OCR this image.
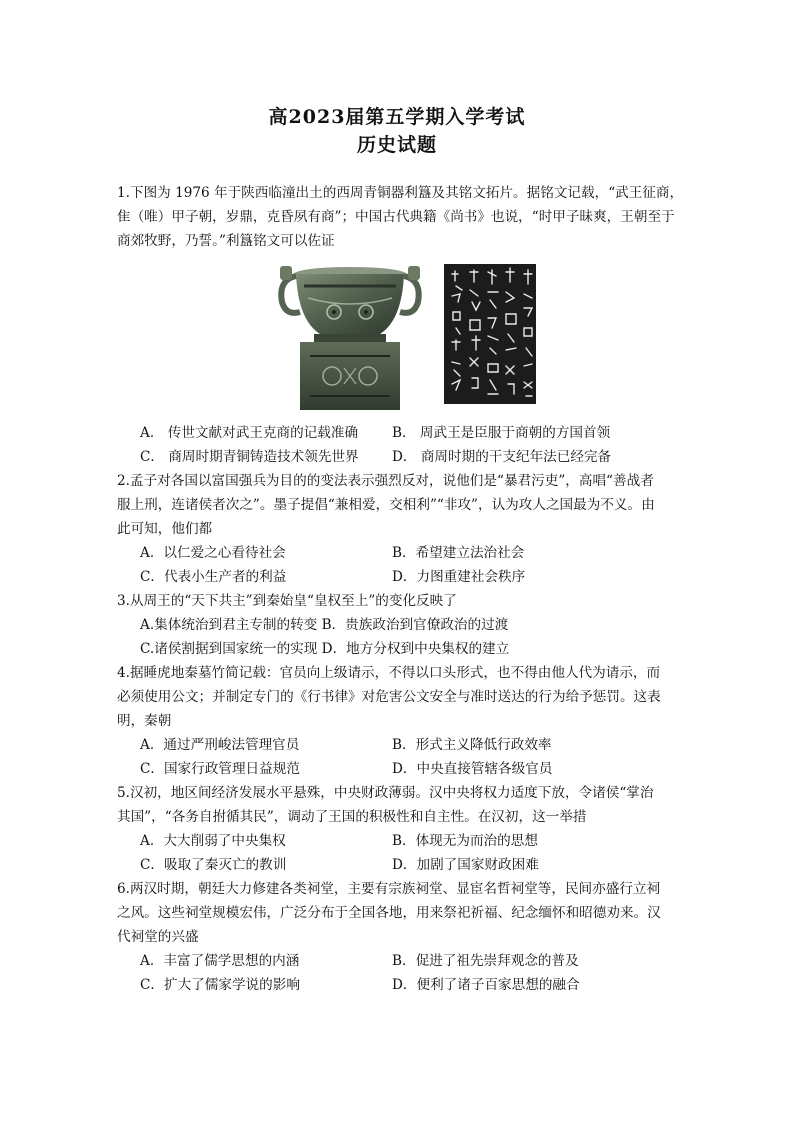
高2023届第五学期入学考试
历史试题
1.下图为 1976 年于陕西临潼出土的西周青铜器利簋及其铭文拓片。据铭文记载，“武王征商，
隹（唯）甲子朝，岁鼎，克昏夙有商”；中国古代典籍《尚书》也说，“时甲子昧爽，王朝至于
商郊牧野，乃誓。”利簋铭文可以佐证
A． 传世文献对武王克商的记载准确 B． 周武王是臣服于商朝的方国首领
C． 商周时期青铜铸造技术领先世界 D． 商周时期的干支纪年法已经完备
2.孟子对各国以富国强兵为目的的变法表示强烈反对，说他们是“暴君污吏”，高唱“善战者
服上刑，连诸侯者次之”。墨子提倡“兼相爱，交相利”“非攻”，认为攻人之国最为不义。由
此可知，他们都
A．以仁爱之心看待社会	B．希望建立法治社会
C．代表小生产者的利益	D．力图重建社会秩序
3.从周王的“天下共主”到秦始皇“皇权至上”的变化反映了
A.集体统治到君主专制的转变 B．贵族政治到官僚政治的过渡
C.诸侯割据到国家统一的实现 D．地方分权到中央集权的建立
4.据睡虎地秦墓竹简记载：官员向上级请示，不得以口头形式，也不得由他人代为请示，而
必须使用公文；并制定专门的《行书律》对危害公文安全与准时送达的行为给予惩罚。这表
明，秦朝
A．通过严刑峻法管理官员	B．形式主义降低行政效率
C．国家行政管理日益规范	D．中央直接管辖各级官员
5.汉初，地区间经济发展水平悬殊，中央财政薄弱。汉中央将权力适度下放，令诸侯“掌治
其国”，“各务自拊循其民”，调动了王国的积极性和自主性。在汉初，这一举措
A．大大削弱了中央集权	B．体现无为而治的思想
C．吸取了秦灭亡的教训	D．加剧了国家财政困难
6.两汉时期，朝廷大力修建各类祠堂，主要有宗族祠堂、显宦名哲祠堂等，民间亦盛行立祠
之风。这些祠堂规模宏伟，广泛分布于全国各地，用来祭祀祈福、纪念缅怀和昭德劝来。汉
代祠堂的兴盛
A．丰富了儒学思想的内涵	B．促进了祖先崇拜观念的普及
C．扩大了儒家学说的影响	D．便利了诸子百家思想的融合
